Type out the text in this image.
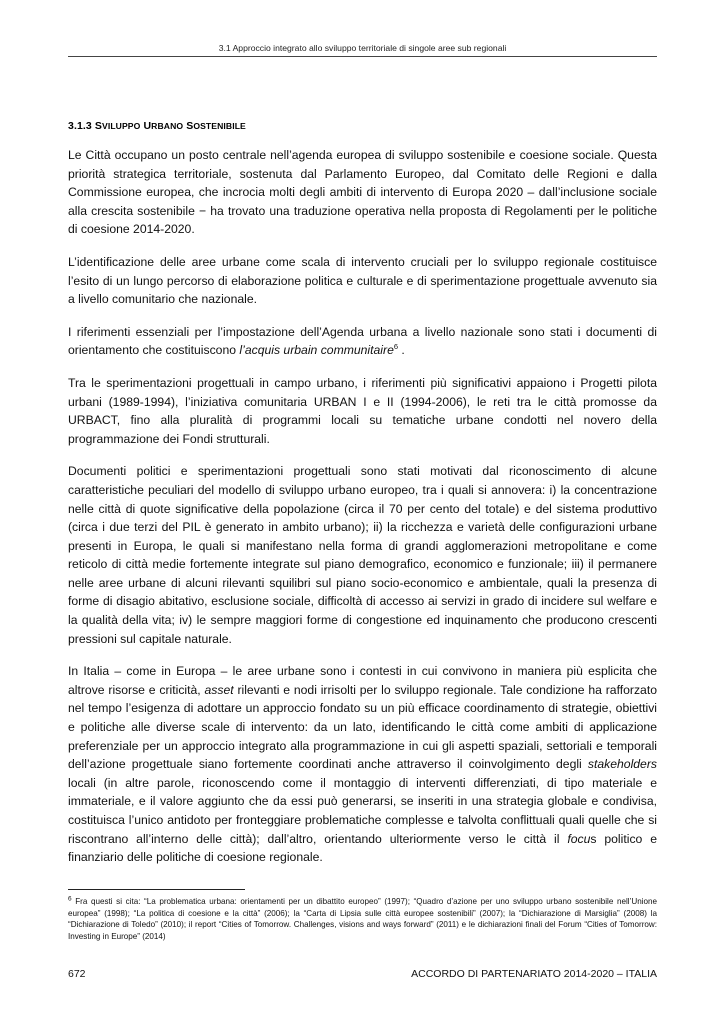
3.1 Approccio integrato allo sviluppo territoriale di singole aree sub regionali
3.1.3 SVILUPPO URBANO SOSTENIBILE

Le Città occupano un posto centrale nell’agenda europea di sviluppo sostenibile e coesione sociale. Questa priorità strategica territoriale, sostenuta dal Parlamento Europeo, dal Comitato delle Regioni e dalla Commissione europea, che incrocia molti degli ambiti di intervento di Europa 2020 – dall’inclusione sociale alla crescita sostenibile − ha trovato una traduzione operativa nella proposta di Regolamenti per le politiche di coesione 2014-2020.

L’identificazione delle aree urbane come scala di intervento cruciali per lo sviluppo regionale costituisce l’esito di un lungo percorso di elaborazione politica e culturale e di sperimentazione progettuale avvenuto sia a livello comunitario che nazionale.

I riferimenti essenziali per l’impostazione dell’Agenda urbana a livello nazionale sono stati i documenti di orientamento che costituiscono l’acquis urbain communitaire$^6$ .

Tra le sperimentazioni progettuali in campo urbano, i riferimenti più significativi appaiono i Progetti pilota urbani (1989-1994), l’iniziativa comunitaria URBAN I e II (1994-2006), le reti tra le città promosse da URBACT, fino alla pluralità di programmi locali su tematiche urbane condotti nel novero della programmazione dei Fondi strutturali.

Documenti politici e sperimentazioni progettuali sono stati motivati dal riconoscimento di alcune caratteristiche peculiari del modello di sviluppo urbano europeo, tra i quali si annovera: i) la concentrazione nelle città di quote significative della popolazione (circa il 70 per cento del totale) e del sistema produttivo (circa i due terzi del PIL è generato in ambito urbano); ii) la ricchezza e varietà delle configurazioni urbane presenti in Europa, le quali si manifestano nella forma di grandi agglomerazioni metropolitane e come reticolo di città medie fortemente integrate sul piano demografico, economico e funzionale; iii) il permanere nelle aree urbane di alcuni rilevanti squilibri sul piano socio-economico e ambientale, quali la presenza di forme di disagio abitativo, esclusione sociale, difficoltà di accesso ai servizi in grado di incidere sul welfare e la qualità della vita; iv) le sempre maggiori forme di congestione ed inquinamento che producono crescenti pressioni sul capitale naturale.

In Italia – come in Europa – le aree urbane sono i contesti in cui convivono in maniera più esplicita che altrove risorse e criticità, asset rilevanti e nodi irrisolti per lo sviluppo regionale. Tale condizione ha rafforzato nel tempo l’esigenza di adottare un approccio fondato su un più efficace coordinamento di strategie, obiettivi e politiche alle diverse scale di intervento: da un lato, identificando le città come ambiti di applicazione preferenziale per un approccio integrato alla programmazione in cui gli aspetti spaziali, settoriali e temporali dell’azione progettuale siano fortemente coordinati anche attraverso il coinvolgimento degli stakeholders locali (in altre parole, riconoscendo come il montaggio di interventi differenziati, di tipo materiale e immateriale, e il valore aggiunto che da essi può generarsi, se inseriti in una strategia globale e condivisa, costituisca l’unico antidoto per fronteggiare problematiche complesse e talvolta conflittuali quali quelle che si riscontrano all’interno delle città); dall’altro, orientando ulteriormente verso le città il focus politico e finanziario delle politiche di coesione regionale.

$^6$ Fra questi si cita: “La problematica urbana: orientamenti per un dibattito europeo” (1997); “Quadro d’azione per uno sviluppo urbano sostenibile nell’Unione europea” (1998); “La politica di coesione e la città” (2006); la “Carta di Lipsia sulle città europee sostenibili” (2007); la “Dichiarazione di Marsiglia” (2008) la “Dichiarazione di Toledo” (2010); il report “Cities of Tomorrow. Challenges, visions and ways forward” (2011) e le dichiarazioni finali del Forum “Cities of Tomorrow: Investing in Europe” (2014)
672	ACCORDO DI PARTENARIATO 2014-2020 – ITALIA
